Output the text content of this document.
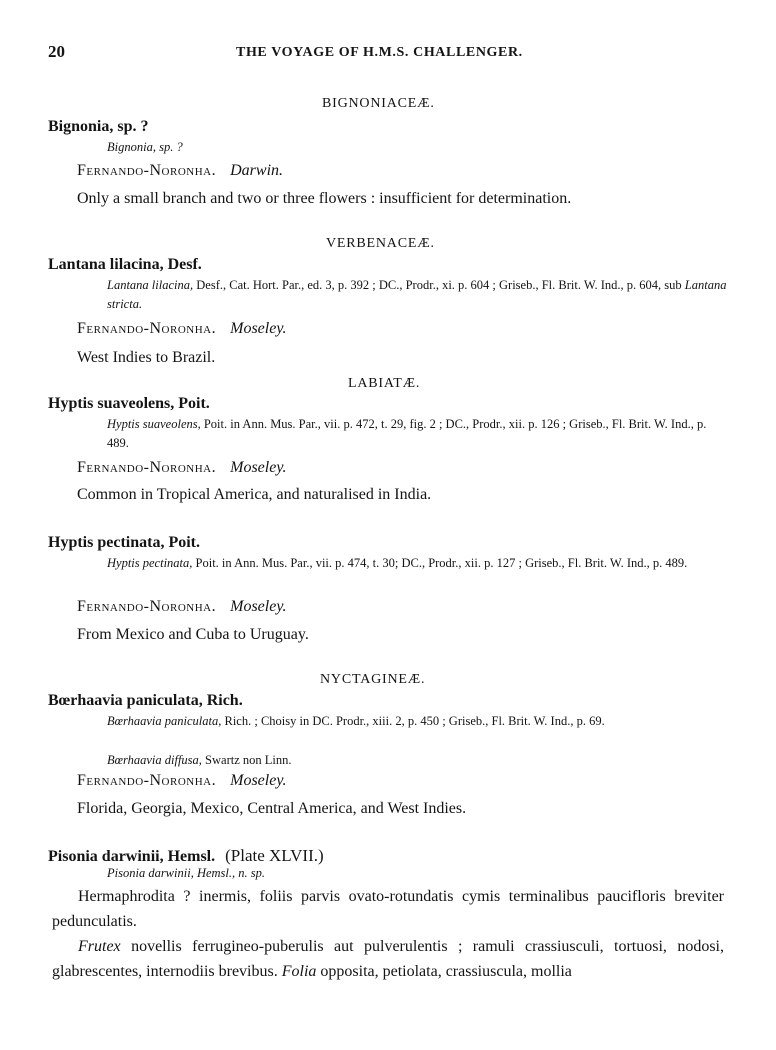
20	THE VOYAGE OF H.M.S. CHALLENGER.
BIGNONIACEÆ.
Bignonia, sp. ?
Bignonia, sp. ?
Fernando-Noronha. Darwin.
Only a small branch and two or three flowers : insufficient for determination.
VERBENACEÆ.
Lantana lilacina, Desf.
Lantana lilacina, Desf., Cat. Hort. Par., ed. 3, p. 392 ; DC., Prodr., xi. p. 604 ; Griseb., Fl. Brit. W. Ind., p. 604, sub Lantana stricta.
Fernando-Noronha. Moseley.
West Indies to Brazil.
LABIATÆ.
Hyptis suaveolens, Poit.
Hyptis suaveolens, Poit. in Ann. Mus. Par., vii. p. 472, t. 29, fig. 2 ; DC., Prodr., xii. p. 126 ; Griseb., Fl. Brit. W. Ind., p. 489.
Fernando-Noronha. Moseley.
Common in Tropical America, and naturalised in India.
Hyptis pectinata, Poit.
Hyptis pectinata, Poit. in Ann. Mus. Par., vii. p. 474, t. 30; DC., Prodr., xii. p. 127 ; Griseb., Fl. Brit. W. Ind., p. 489.
Fernando-Noronha. Moseley.
From Mexico and Cuba to Uruguay.
NYCTAGINEÆ.
Bœrhaavia paniculata, Rich.
Bœrhaavia paniculata, Rich. ; Choisy in DC. Prodr., xiii. 2, p. 450 ; Griseb., Fl. Brit. W. Ind., p. 69.
Bœrhaavia diffusa, Swartz non Linn.
Fernando-Noronha. Moseley.
Florida, Georgia, Mexico, Central America, and West Indies.
Pisonia darwinii, Hemsl. (Plate XLVII.)
Pisonia darwinii, Hemsl., n. sp.
Hermaphrodita ? inermis, foliis parvis ovato-rotundatis cymis terminalibus paucifloris breviter pedunculatis.
Frutex novellis ferrugineo-puberulis aut pulverulentis ; ramuli crassiusculi, tortuosi, nodosi, glabrescentes, internodiis brevibus. Folia opposita, petiolata, crassiuscula, mollia
